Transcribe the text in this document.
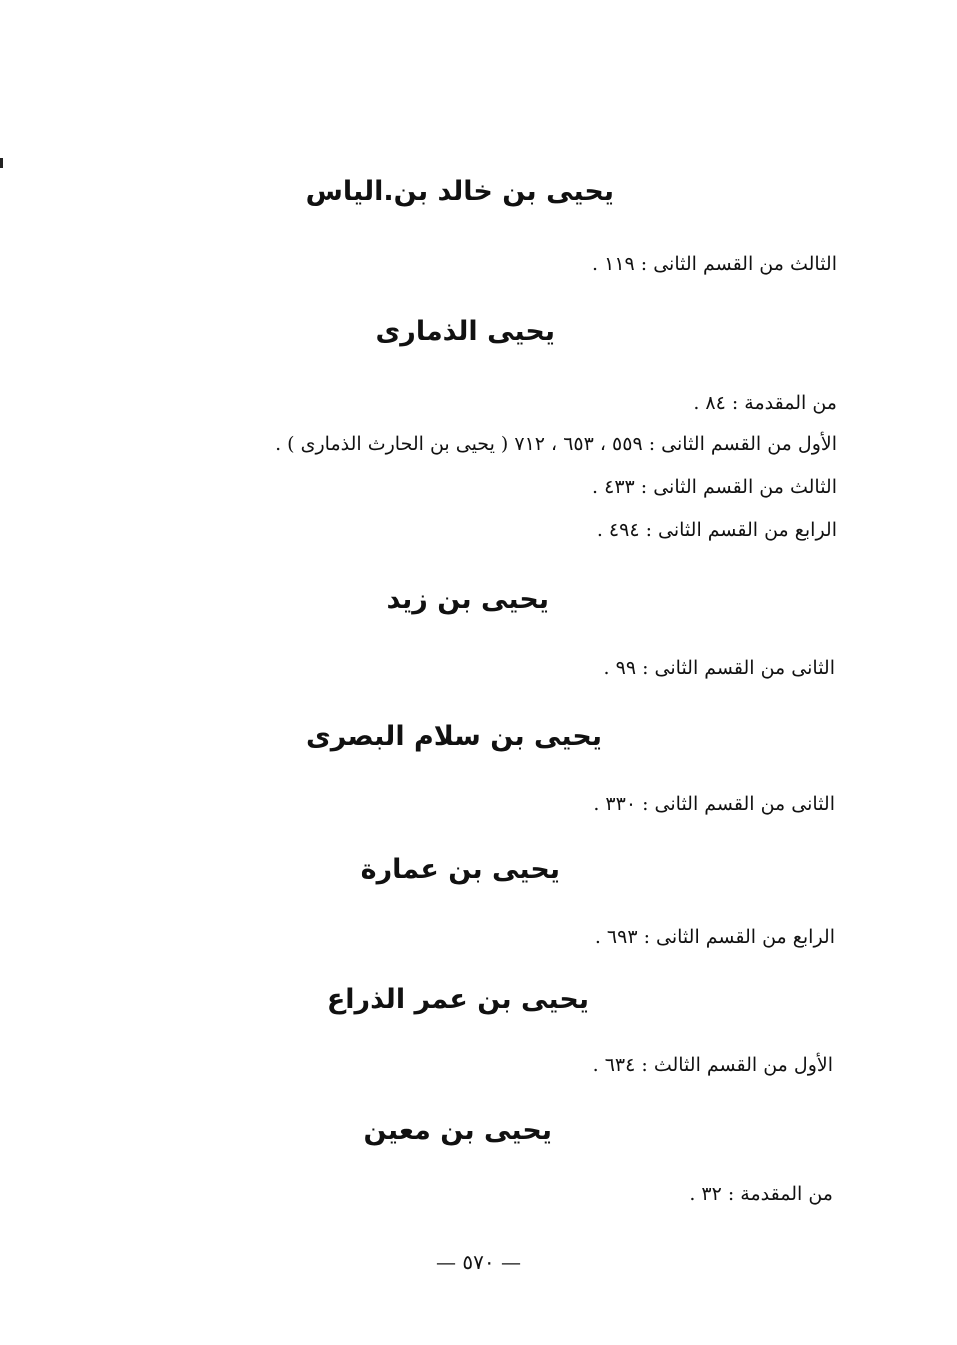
يحيى بن خالد بن.الياس
الثالث من القسم الثانى : ١١٩ .
يحيى الذمارى
من المقدمة : ٨٤ .
الأول من القسم الثانى : ٥٥٩ ، ٦٥٣ ، ٧١٢ ( يحيى بن الحارث الذمارى ) .
الثالث من القسم الثانى : ٤٣٣ .
الرابع من القسم الثانى : ٤٩٤ .
يحيى بن زيد
الثانى من القسم الثانى : ٩٩ .
يحيى بن سلام البصرى
الثانى من القسم الثانى : ٣٣٠ .
يحيى بن عمارة
الرابع من القسم الثانى : ٦٩٣ .
يحيى بن عمر الذراع
الأول من القسم الثالث : ٦٣٤ .
يحيى بن معين
من المقدمة : ٣٢ .
— ٥٧٠ —
